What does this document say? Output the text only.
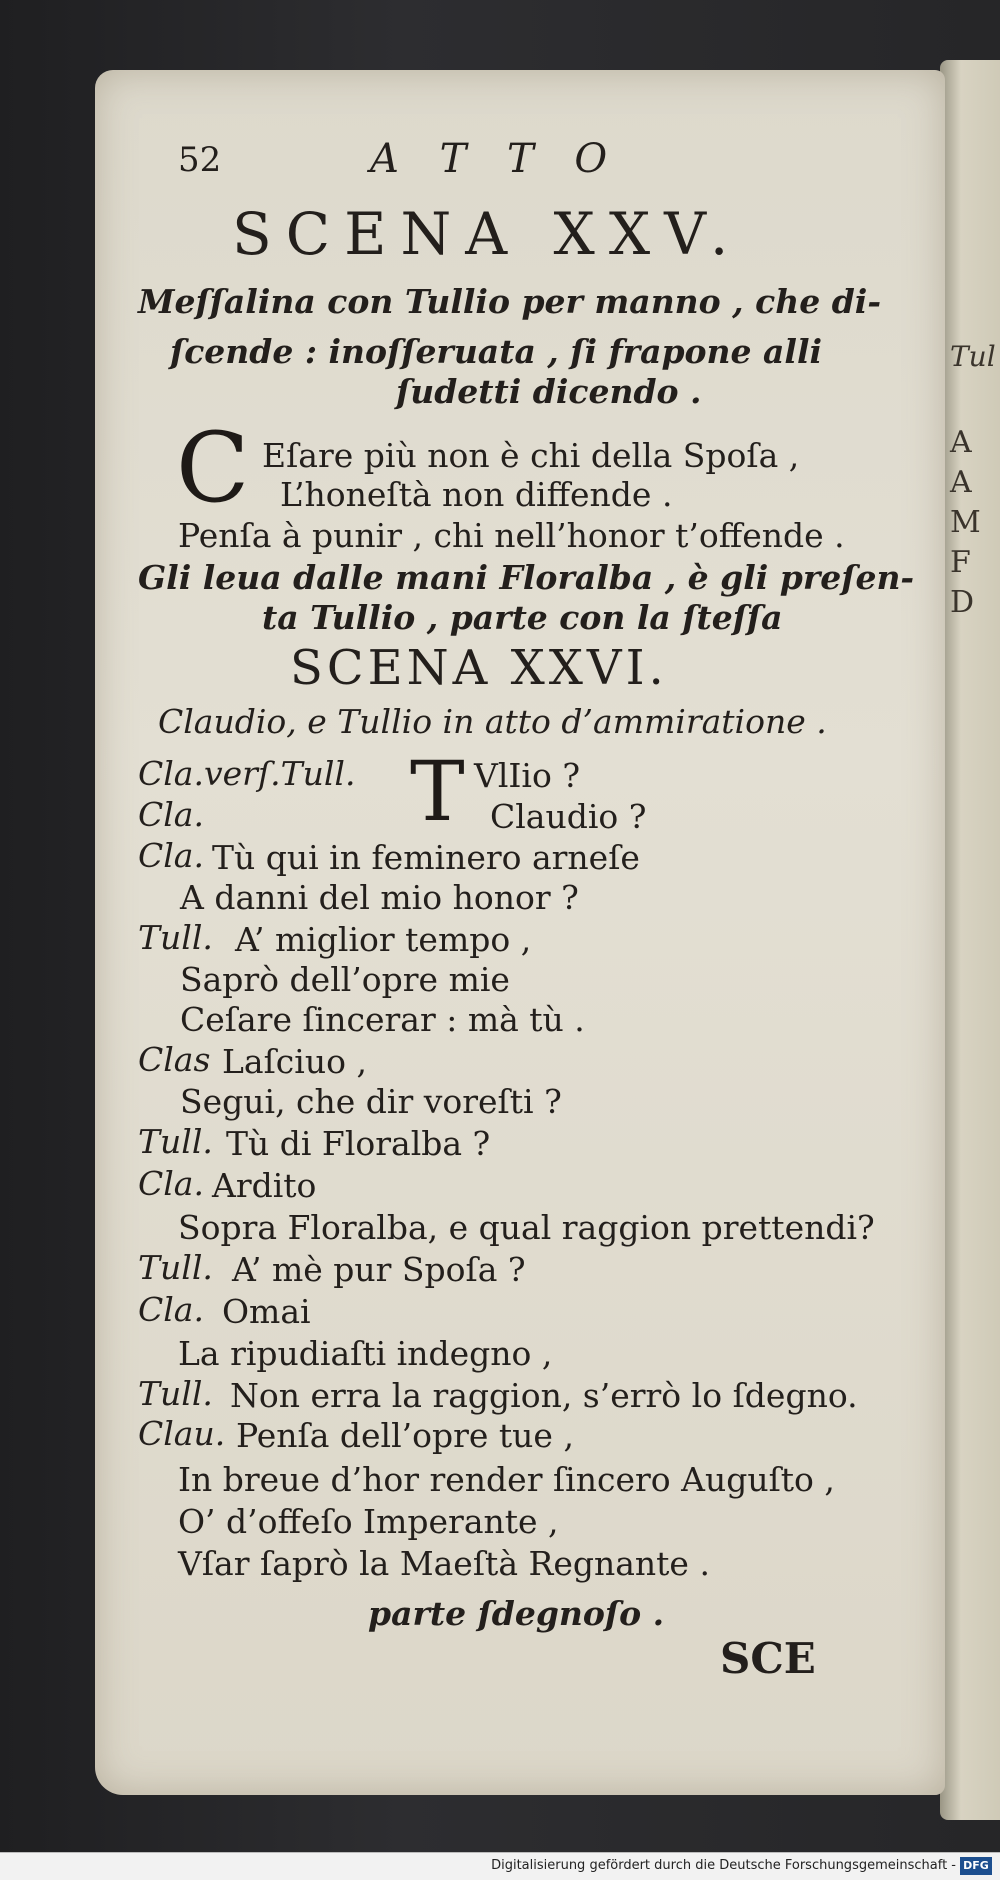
Tul
A
A
M
F
D
52	A T T O
SCENA XXV.
Meſſalina con Tullio per manno , che di-
ſcende : inoſſeruata , ſi frapone alli
ſudetti dicendo .
C Eſare più non è chi della Spoſa ,
L’honeſtà non diffende .
Penſa à punir , chi nell’honor t’offende .
Gli leua dalle mani Floralba , è gli preſen-
ta Tullio , parte con la ſteſſa
SCENA XXVI.
Claudio, e Tullio in atto d’ammiratione .
T
Cla.verſ.Tull.	VlIio ?
Cla.	Claudio ?
Cla. Tù qui in feminero arneſe
A danni del mio honor ?
Tull. A’ miglior tempo ,
Saprò dell’opre mie
Ceſare ſincerar : mà tù .
Clas Laſciuo ,
Segui, che dir voreſti ?
Tull. Tù di Floralba ?
Cla. Ardito
Sopra Floralba, e qual raggion prettendi?
Tull. A’ mè pur Spoſa ?
Cla. Omai
La ripudiaſti indegno ,
Tull. Non erra la raggion, s’errò lo ſdegno.
Clau. Penſa dell’opre tue ,
In breue d’hor render ſincero Auguſto ,
O’ d’offeſo Imperante ,
Vſar ſaprò la Maeſtà Regnante .
parte ſdegnoſo .
SCE
Digitalisierung gefördert durch die Deutsche Forschungsgemeinschaft - DFG
